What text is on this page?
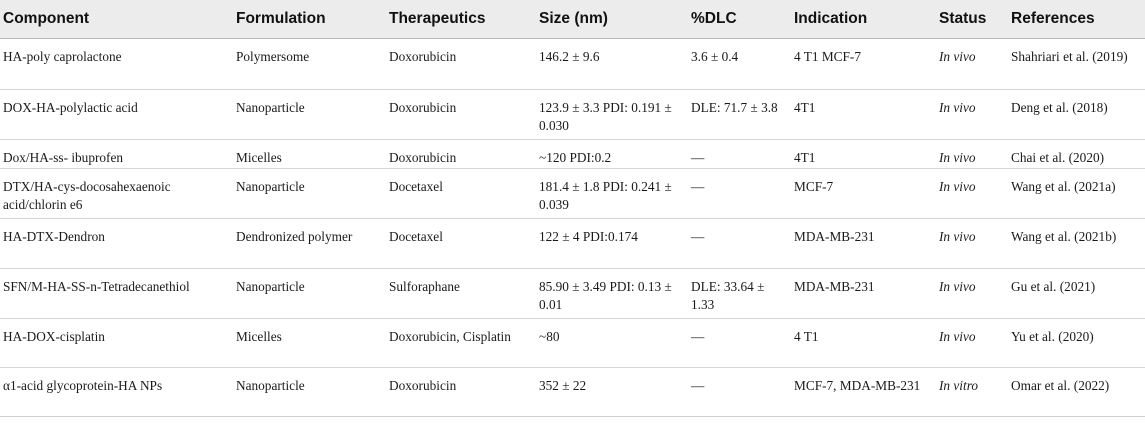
Component	Formulation	Therapeutics	Size (nm)	%DLC	Indication	Status	References
HA-poly caprolactone	Polymersome	Doxorubicin	146.2 ± 9.6	3.6 ± 0.4	4 T1 MCF-7	In vivo	Shahriari et al. (2019)
DOX-HA-polylactic acid	Nanoparticle	Doxorubicin	123.9 ± 3.3 PDI: 0.191 ± 0.030	DLE: 71.7 ± 3.8	4T1	In vivo	Deng et al. (2018)
Dox/HA-ss- ibuprofen	Micelles	Doxorubicin	~120 PDI:0.2	—	4T1	In vivo	Chai et al. (2020)
DTX/HA-cys-docosahexaenoic acid/chlorin e6	Nanoparticle	Docetaxel	181.4 ± 1.8 PDI: 0.241 ± 0.039	—	MCF-7	In vivo	Wang et al. (2021a)
HA-DTX-Dendron	Dendronized polymer	Docetaxel	122 ± 4 PDI:0.174	—	MDA-MB-231	In vivo	Wang et al. (2021b)
SFN/M-HA-SS-n-Tetradecanethiol	Nanoparticle	Sulforaphane	85.90 ± 3.49 PDI: 0.13 ± 0.01	DLE: 33.64 ± 1.33	MDA-MB-231	In vivo	Gu et al. (2021)
HA-DOX-cisplatin	Micelles	Doxorubicin, Cisplatin	~80	—	4 T1	In vivo	Yu et al. (2020)
α1-acid glycoprotein-HA NPs	Nanoparticle	Doxorubicin	352 ± 22	—	MCF-7, MDA-MB-231	In vitro	Omar et al. (2022)
